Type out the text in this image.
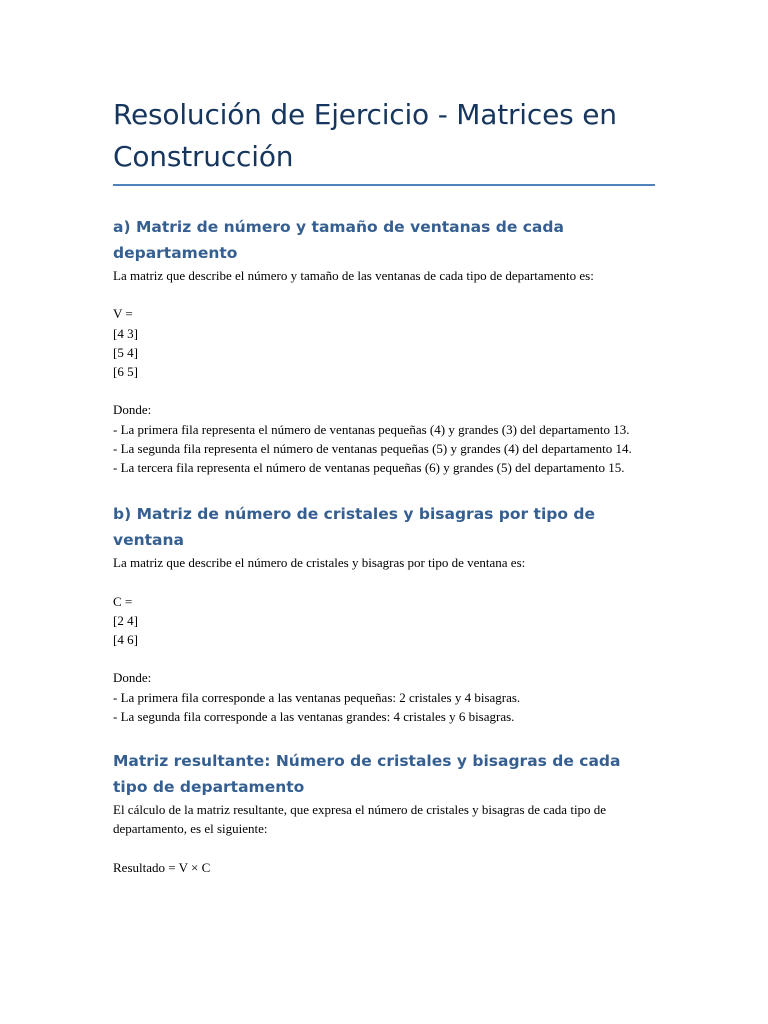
Resolución de Ejercicio - Matrices en Construcción
a) Matriz de número y tamaño de ventanas de cada departamento

La matriz que describe el número y tamaño de las ventanas de cada tipo de departamento es:

V =

[4 3]

[5 4]

[6 5]

Donde:

- La primera fila representa el número de ventanas pequeñas (4) y grandes (3) del departamento 13.

- La segunda fila representa el número de ventanas pequeñas (5) y grandes (4) del departamento 14.

- La tercera fila representa el número de ventanas pequeñas (6) y grandes (5) del departamento 15.

b) Matriz de número de cristales y bisagras por tipo de ventana

La matriz que describe el número de cristales y bisagras por tipo de ventana es:

C =

[2 4]

[4 6]

Donde:

- La primera fila corresponde a las ventanas pequeñas: 2 cristales y 4 bisagras.

- La segunda fila corresponde a las ventanas grandes: 4 cristales y 6 bisagras.

Matriz resultante: Número de cristales y bisagras de cada tipo de departamento

El cálculo de la matriz resultante, que expresa el número de cristales y bisagras de cada tipo de departamento, es el siguiente:

Resultado = V × C
